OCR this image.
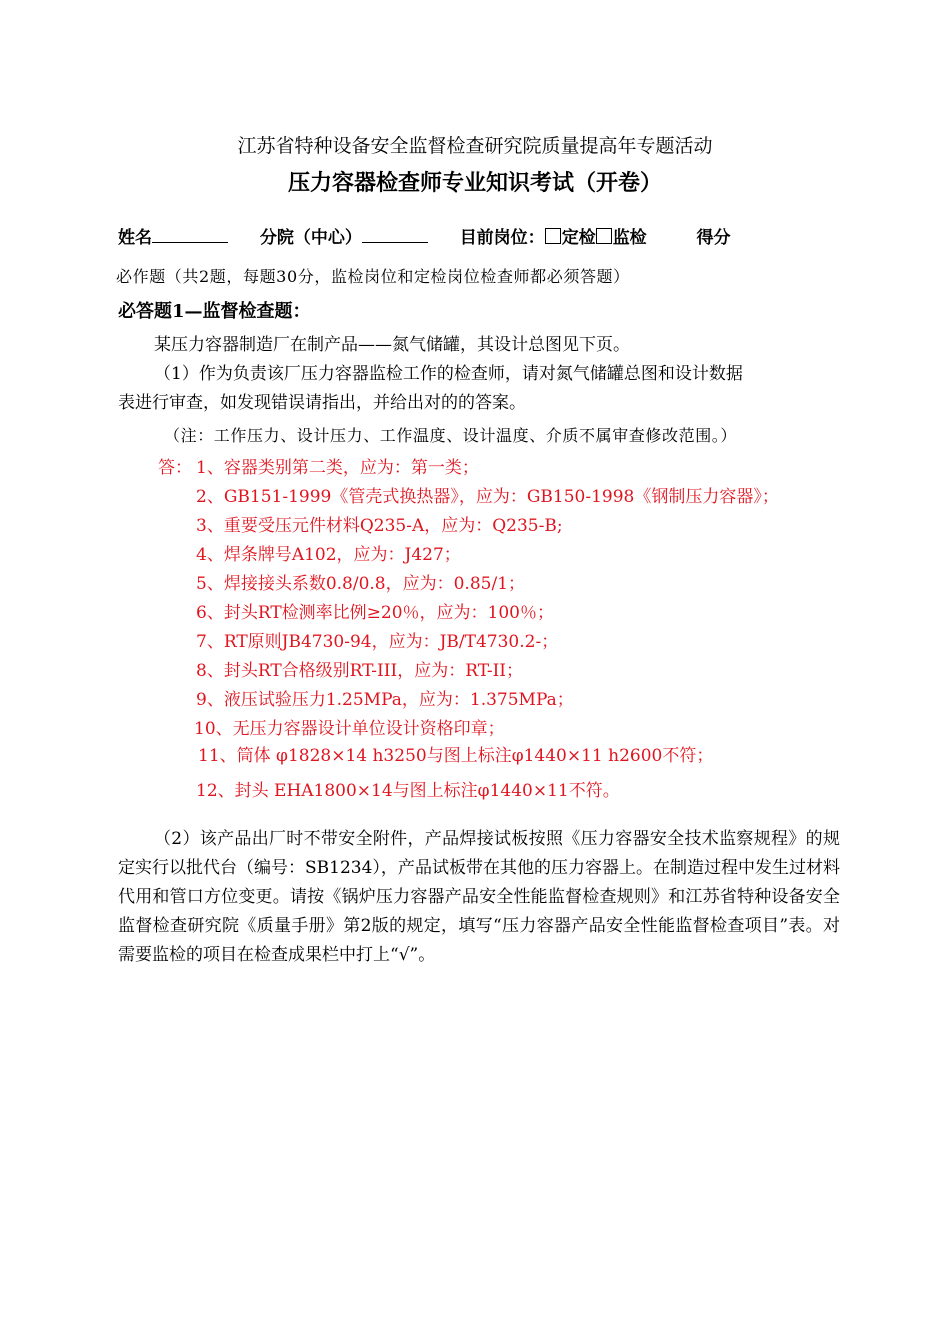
江苏省特种设备安全监督检查研究院质量提高年专题活动
压力容器检查师专业知识考试（开卷）
姓名	分院（中心）	目前岗位： 定检 监检	得分
必作题（共2题，每题30分，监检岗位和定检岗位检查师都必须答题）
必答题1—监督检查题：
某压力容器制造厂在制产品——氮气储罐，其设计总图见下页。
（1）作为负责该厂压力容器监检工作的检查师，请对氮气储罐总图和设计数据
表进行审查，如发现错误请指出，并给出对的的答案。
（注：工作压力、设计压力、工作温度、设计温度、介质不属审查修改范围。）
答： 1、容器类别第二类，应为：第一类；
2、GB151-1999《管壳式换热器》，应为：GB150-1998《钢制压力容器》；
3、重要受压元件材料Q235-A，应为：Q235-B;
4、焊条牌号A102，应为：J427；
5、焊接接头系数0.8/0.8，应为：0.85/1；
6、封头RT检测率比例≥20％，应为：100％；
7、RT原则JB4730-94，应为：JB/T4730.2-；
8、封头RT合格级别RT-III，应为：RT-II；
9、液压试验压力1.25MPa，应为：1.375MPa；
10、无压力容器设计单位设计资格印章；
11、筒体 φ1828×14 h3250与图上标注φ1440×11 h2600不符；
12、封头 EHA1800×14与图上标注φ1440×11不符。
（2）该产品出厂时不带安全附件，产品焊接试板按照《压力容器安全技术监察规程》的规定实行以批代台（编号：SB1234），产品试板带在其他的压力容器上。在制造过程中发生过材料代用和管口方位变更。请按《锅炉压力容器产品安全性能监督检查规则》和江苏省特种设备安全监督检查研究院《质量手册》第2版的规定，填写“压力容器产品安全性能监督检查项目”表。对需要监检的项目在检查成果栏中打上“√”。
